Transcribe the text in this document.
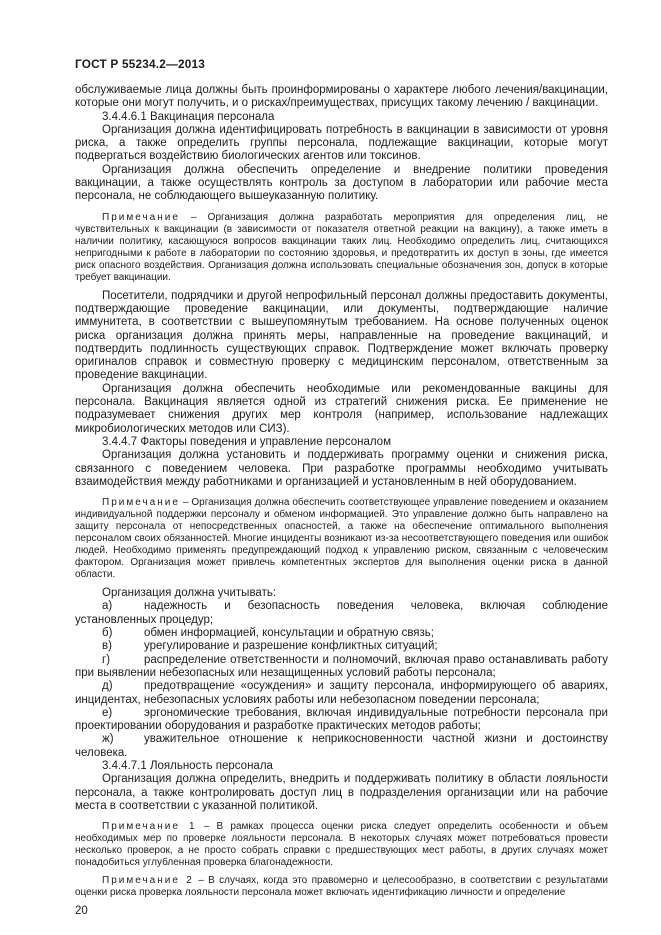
ГОСТ Р 55234.2—2013

обслуживаемые лица должны быть проинформированы о характере любого лечения/вакцинации, которые они могут получить, и о рисках/преимуществах, присущих такому лечению / вакцинации.

3.4.4.6.1 Вакцинация персонала

Организация должна идентифицировать потребность в вакцинации в зависимости от уровня риска, а также определить группы персонала, подлежащие вакцинации, которые могут подвергаться воздействию биологических агентов или токсинов.

Организация должна обеспечить определение и внедрение политики проведения вакцинации, а также осуществлять контроль за доступом в лаборатории или рабочие места персонала, не соблюдающего вышеуказанную политику.

Примечание – Организация должна разработать мероприятия для определения лиц, не чувствительных к вакцинации (в зависимости от показателя ответной реакции на вакцину), а также иметь в наличии политику, касающуюся вопросов вакцинации таких лиц. Необходимо определить лиц, считающихся непригодными к работе в лаборатории по состоянию здоровья, и предотвратить их доступ в зоны, где имеется риск опасного воздействия. Организация должна использовать специальные обозначения зон, допуск в которые требует вакцинации.

Посетители, подрядчики и другой непрофильный персонал должны предоставить документы, подтверждающие проведение вакцинации, или документы, подтверждающие наличие иммунитета, в соответствии с вышеупомянутым требованием. На основе полученных оценок риска организация должна принять меры, направленные на проведение вакцинаций, и подтвердить подлинность существующих справок. Подтверждение может включать проверку оригиналов справок и совместную проверку с медицинским персоналом, ответственным за проведение вакцинации.

Организация должна обеспечить необходимые или рекомендованные вакцины для персонала. Вакцинация является одной из стратегий снижения риска. Ее применение не подразумевает снижения других мер контроля (например, использование надлежащих микробиологических методов или СИЗ).

3.4.4.7 Факторы поведения и управление персоналом

Организация должна установить и поддерживать программу оценки и снижения риска, связанного с поведением человека. При разработке программы необходимо учитывать взаимодействия между работниками и организацией и установленным в ней оборудованием.

Примечание – Организация должна обеспечить соответствующее управление поведением и оказанием индивидуальной поддержки персоналу и обменом информацией. Это управление должно быть направлено на защиту персонала от непосредственных опасностей, а также на обеспечение оптимального выполнения персоналом своих обязанностей. Многие инциденты возникают из-за несоответствующего поведения или ошибок людей. Необходимо применять предупреждающий подход к управлению риском, связанным с человеческим фактором. Организация может привлечь компетентных экспертов для выполнения оценки риска в данной области.

Организация должна учитывать:

а)	надежность и безопасность поведения человека, включая соблюдение установленных процедур;

б)	обмен информацией, консультации и обратную связь;

в)	урегулирование и разрешение конфликтных ситуаций;

г)	распределение ответственности и полномочий, включая право останавливать работу при выявлении небезопасных или незащищенных условий работы персонала;

д)	предотвращение «осуждения» и защиту персонала, информирующего об авариях, инцидентах, небезопасных условиях работы или небезопасном поведении персонала;

е)	эргономические требования, включая индивидуальные потребности персонала при проектировании оборудования и разработке практических методов работы;

ж)	уважительное отношение к неприкосновенности частной жизни и достоинству человека.

3.4.4.7.1 Лояльность персонала

Организация должна определить, внедрить и поддерживать политику в области лояльности персонала, а также контролировать доступ лиц в подразделения организации или на рабочие места в соответствии с указанной политикой.

Примечание 1 – В рамках процесса оценки риска следует определить особенности и объем необходимых мер по проверке лояльности персонала. В некоторых случаях может потребоваться провести несколько проверок, а не просто собрать справки с предшествующих мест работы, в других случаях может понадобиться углубленная проверка благонадежности.

Примечание 2 – В случаях, когда это правомерно и целесообразно, в соответствии с результатами оценки риска проверка лояльности персонала может включать идентификацию личности и определение

20
